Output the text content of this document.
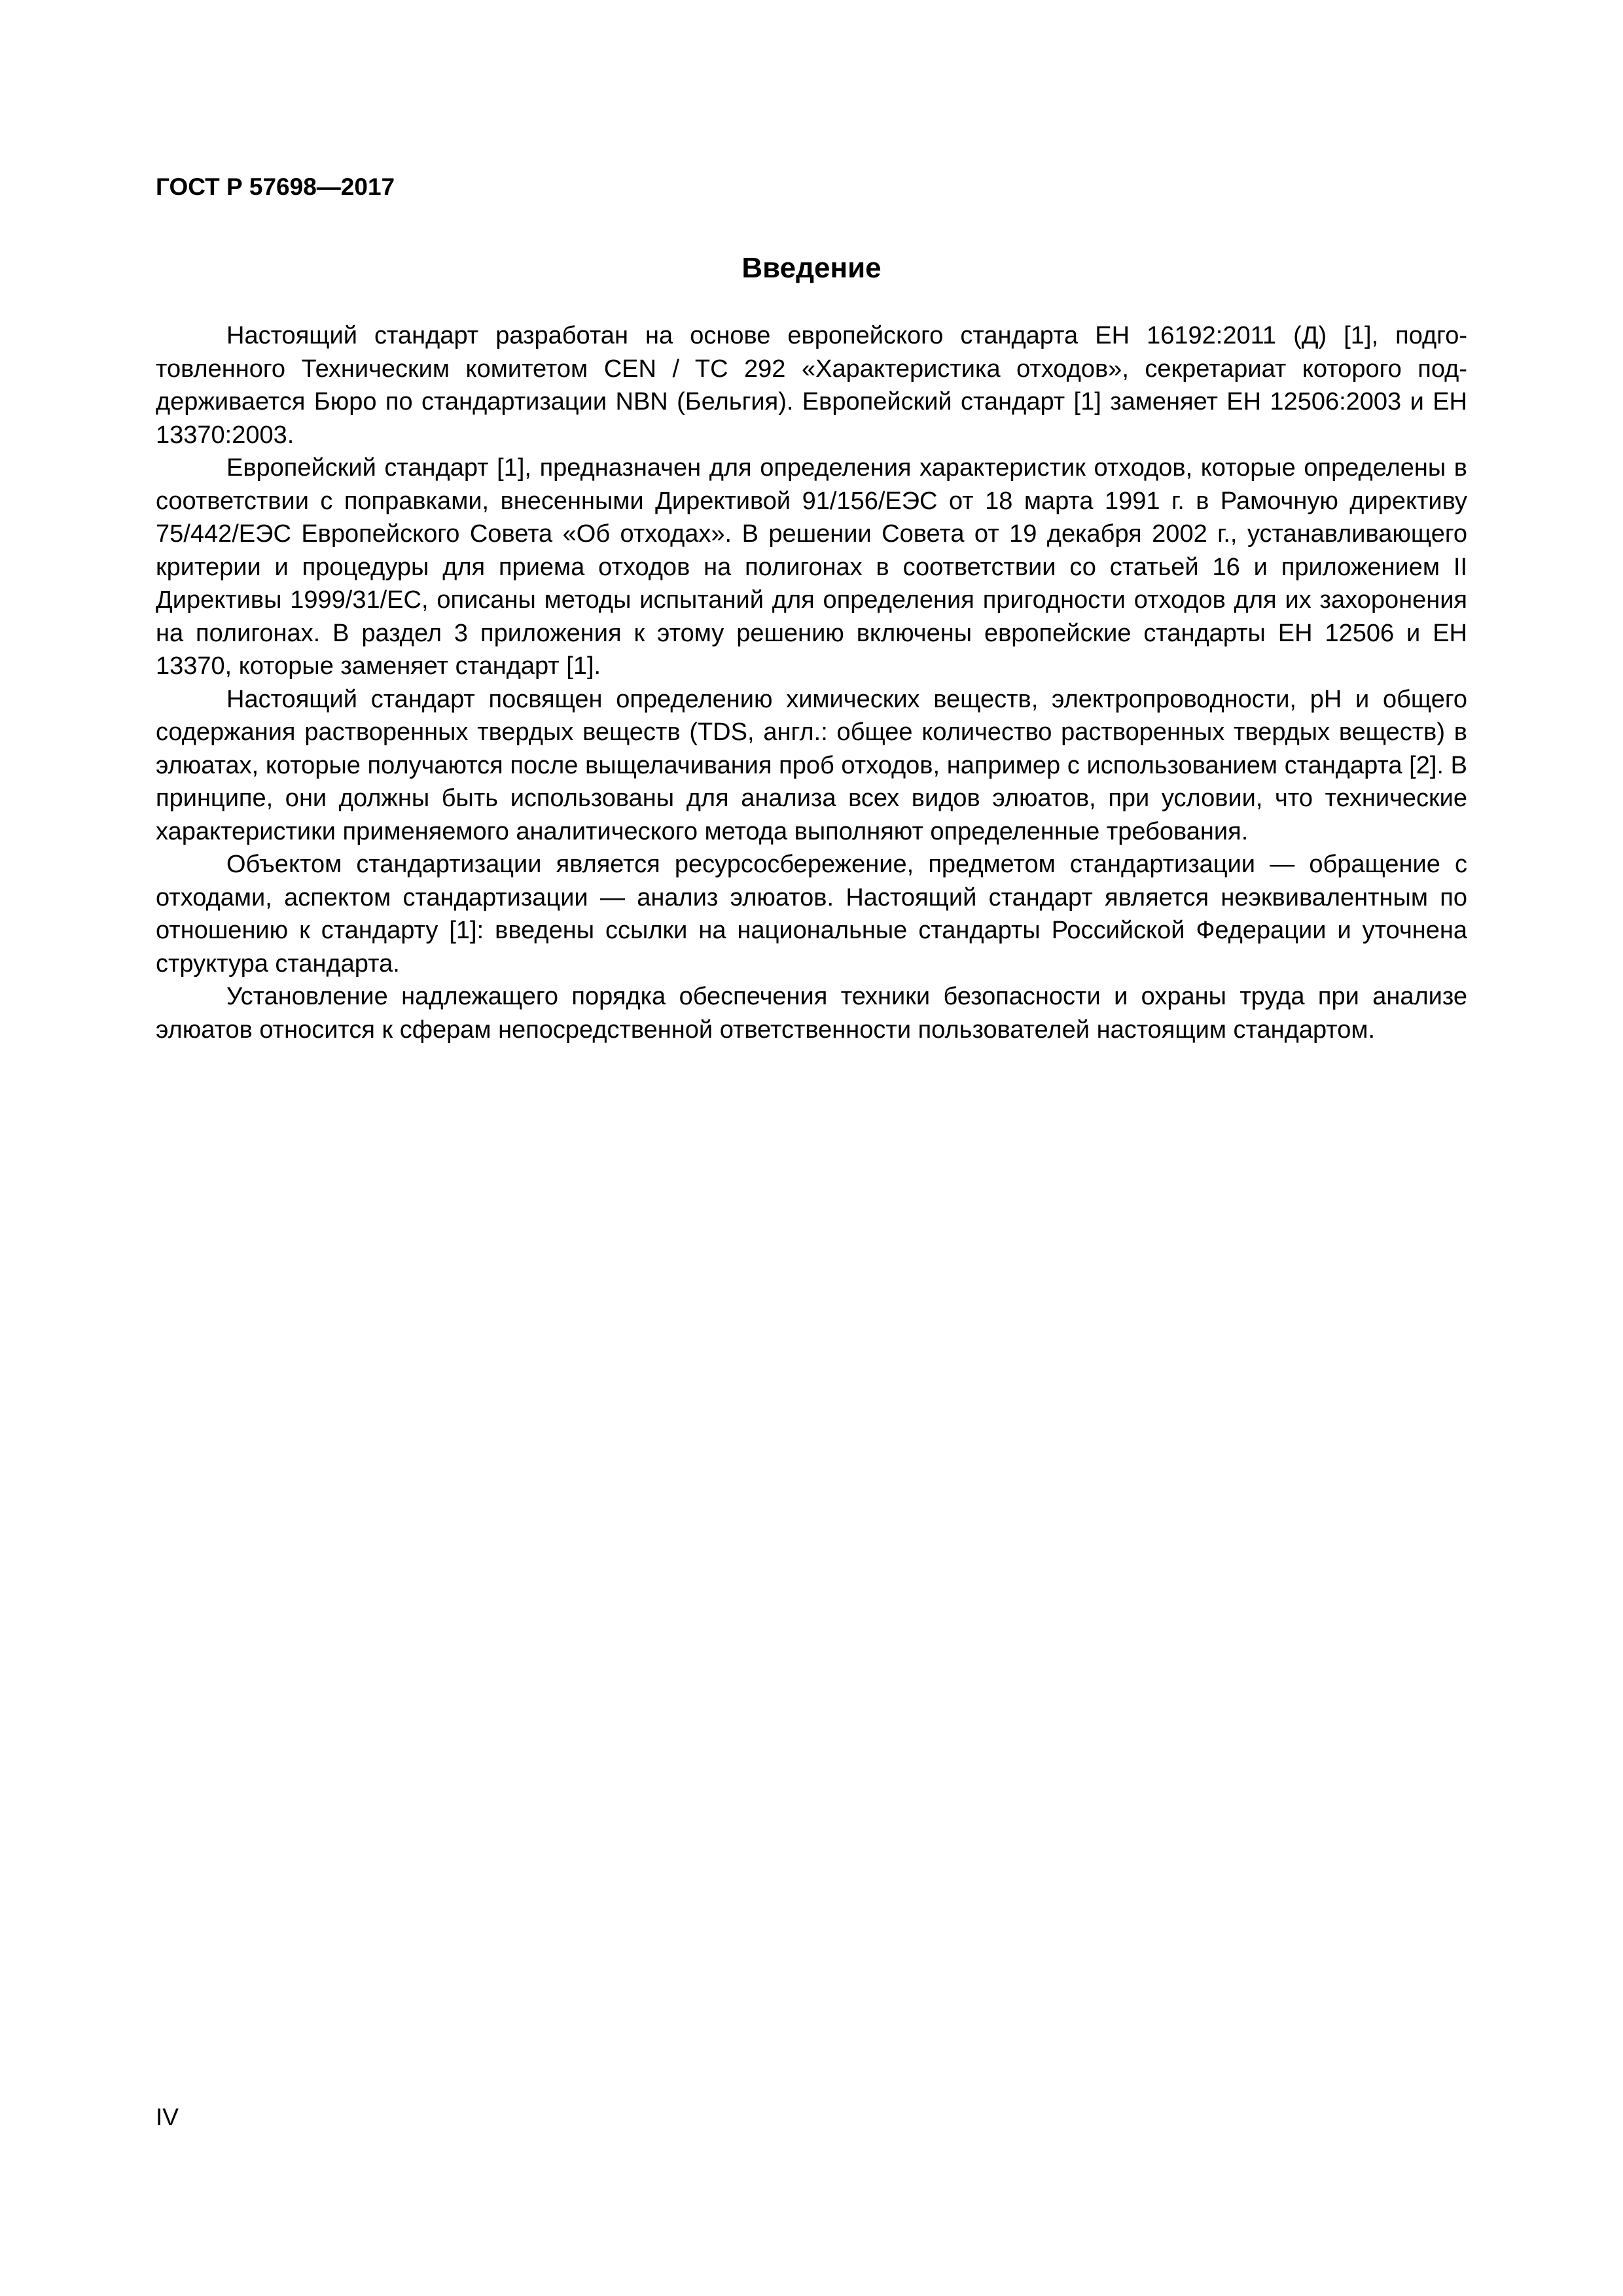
ГОСТ Р 57698—2017
Введение

Настоящий стандарт разработан на основе европейского стандарта ЕН 16192:2011 (Д) [1], подготовленного Техническим комитетом CEN / TC 292 «Характеристика отходов», секретариат которого поддерживается Бюро по стандартизации NBN (Бельгия). Европейский стандарт [1] заменяет ЕН 12506:2003 и ЕН 13370:2003.

Европейский стандарт [1], предназначен для определения характеристик отходов, которые определены в соответствии с поправками, внесенными Директивой 91/156/ЕЭС от 18 марта 1991 г. в Рамочную директиву 75/442/ЕЭС Европейского Совета «Об отходах». В решении Совета от 19 декабря 2002 г., устанавливающего критерии и процедуры для приема отходов на полигонах в соответствии со статьей 16 и приложением II Директивы 1999/31/ЕС, описаны методы испытаний для определения пригодности отходов для их захоронения на полигонах. В раздел 3 приложения к этому решению включены европейские стандарты ЕН 12506 и ЕН 13370, которые заменяет стандарт [1].

Настоящий стандарт посвящен определению химических веществ, электропроводности, pH и общего содержания растворенных твердых веществ (TDS, англ.: общее количество растворенных твердых веществ) в элюатах, которые получаются после выщелачивания проб отходов, например с использованием стандарта [2]. В принципе, они должны быть использованы для анализа всех видов элюатов, при условии, что технические характеристики применяемого аналитического метода выполняют определенные требования.

Объектом стандартизации является ресурсосбережение, предметом стандартизации — обращение с отходами, аспектом стандартизации — анализ элюатов. Настоящий стандарт является неэквивалентным по отношению к стандарту [1]: введены ссылки на национальные стандарты Российской Федерации и уточнена структура стандарта.

Установление надлежащего порядка обеспечения техники безопасности и охраны труда при анализе элюатов относится к сферам непосредственной ответственности пользователей настоящим стандартом.

IV
